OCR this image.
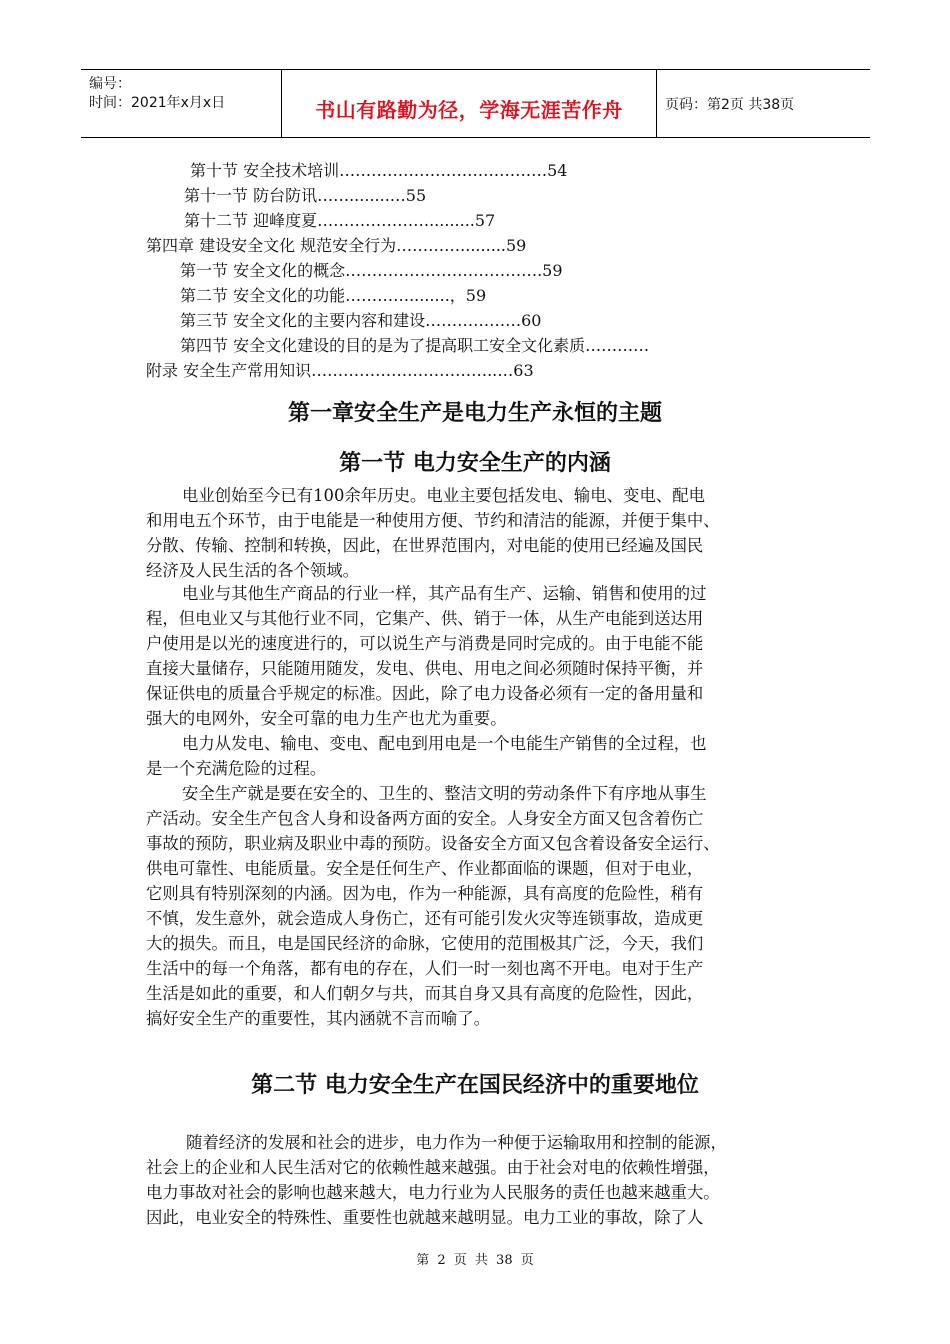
编号：
时间：2021年x月x日	书山有路勤为径，学海无涯苦作舟	页码：第2页 共38页
第十节 安全技术培训…………………………………54
第十一节 防台防讯……........…55
第十二节 迎峰度夏………………….........57
第四章 建设安全文化 规范安全行为………….........59
第一节 安全文化的概念……………………………….59
第二节 安全文化的功能…………........，59
第三节 安全文化的主要内容和建设………………60
第四节 安全文化建设的目的是为了提高职工安全文化素质…………
附录 安全生产常用知识……………………………..…63
第一章安全生产是电力生产永恒的主题
第一节 电力安全生产的内涵
电业创始至今已有100余年历史。电业主要包括发电、输电、变电、配电
和用电五个环节，由于电能是一种使用方便、节约和清洁的能源，并便于集中、
分散、传输、控制和转换，因此，在世界范围内，对电能的使用已经遍及国民
经济及人民生活的各个领域。
电业与其他生产商品的行业一样，其产品有生产、运输、销售和使用的过
程，但电业又与其他行业不同，它集产、供、销于一体，从生产电能到送达用
户使用是以光的速度进行的，可以说生产与消费是同时完成的。由于电能不能
直接大量储存，只能随用随发，发电、供电、用电之间必须随时保持平衡，并
保证供电的质量合乎规定的标准。因此，除了电力设备必须有一定的备用量和
强大的电网外，安全可靠的电力生产也尤为重要。
电力从发电、输电、变电、配电到用电是一个电能生产销售的全过程，也
是一个充满危险的过程。
安全生产就是要在安全的、卫生的、整洁文明的劳动条件下有序地从事生
产活动。安全生产包含人身和设备两方面的安全。人身安全方面又包含着伤亡
事故的预防，职业病及职业中毒的预防。设备安全方面又包含着设备安全运行、
供电可靠性、电能质量。安全是任何生产、作业都面临的课题，但对于电业，
它则具有特别深刻的内涵。因为电，作为一种能源，具有高度的危险性，稍有
不慎，发生意外，就会造成人身伤亡，还有可能引发火灾等连锁事故，造成更
大的损失。而且，电是国民经济的命脉，它使用的范围极其广泛，今天，我们
生活中的每一个角落，都有电的存在，人们一时一刻也离不开电。电对于生产
生活是如此的重要，和人们朝夕与共，而其自身又具有高度的危险性，因此，
搞好安全生产的重要性，其内涵就不言而喻了。
第二节 电力安全生产在国民经济中的重要地位
随着经济的发展和社会的进步，电力作为一种便于运输取用和控制的能源，
社会上的企业和人民生活对它的依赖性越来越强。由于社会对电的依赖性增强，
电力事故对社会的影响也越来越大，电力行业为人民服务的责任也越来越重大。
因此，电业安全的特殊性、重要性也就越来越明显。电力工业的事故，除了人
第 2 页 共 38 页
